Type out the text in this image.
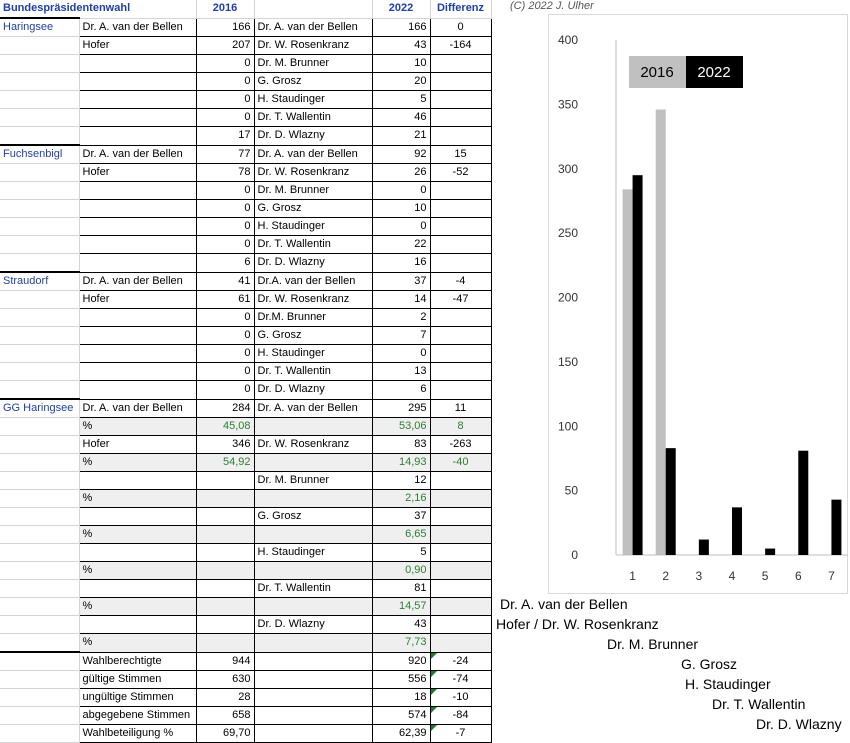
Bundespräsidentenwahl		2016		2022	Differenz
Haringsee	Dr. A. van der Bellen	166	Dr. A. van der Bellen	166	0
	Hofer	207	Dr. W. Rosenkranz	43	-164
		0	Dr. M. Brunner	10	
		0	G. Grosz	20	
		0	H. Staudinger	5	
		0	Dr. T. Wallentin	46	
		17	Dr. D. Wlazny	21	
Fuchsenbigl	Dr. A. van der Bellen	77	Dr. A. van der Bellen	92	15
	Hofer	78	Dr. W. Rosenkranz	26	-52
		0	Dr. M. Brunner	0	
		0	G. Grosz	10	
		0	H. Staudinger	0	
		0	Dr. T. Wallentin	22	
		6	Dr. D. Wlazny	16	
Straudorf	Dr. A. van der Bellen	41	Dr.A. van der Bellen	37	-4
	Hofer	61	Dr. W. Rosenkranz	14	-47
		0	Dr.M. Brunner	2	
		0	G. Grosz	7	
		0	H. Staudinger	0	
		0	Dr. T. Wallentin	13	
		0	Dr. D. Wlazny	6	
GG Haringsee	Dr. A. van der Bellen	284	Dr. A. van der Bellen	295	11
	%	45,08		53,06	8
	Hofer	346	Dr. W. Rosenkranz	83	-263
	%	54,92		14,93	-40
			Dr. M. Brunner	12	
	%			2,16	
			G. Grosz	37	
	%			6,65	
			H. Staudinger	5	
	%			0,90	
			Dr. T. Wallentin	81	
	%			14,57	
			Dr. D. Wlazny	43	
	%			7,73	
	Wahlberechtigte	944		920	-24
	gültige Stimmen	630		556	-74
	ungültige Stimmen	28		18	-10
	abgegebene Stimmen	658		574	-84
	Wahlbeteiligung %	69,70		62,39	-7
(C) 2022 J. Ulher
0
50
100
150
200
250
300
350
400
1 2 3 4 5 6 7
2016 2022
Dr. A. van der Bellen
Hofer / Dr. W. Rosenkranz
Dr. M. Brunner
G. Grosz
H. Staudinger
Dr. T. Wallentin
Dr. D. Wlazny
